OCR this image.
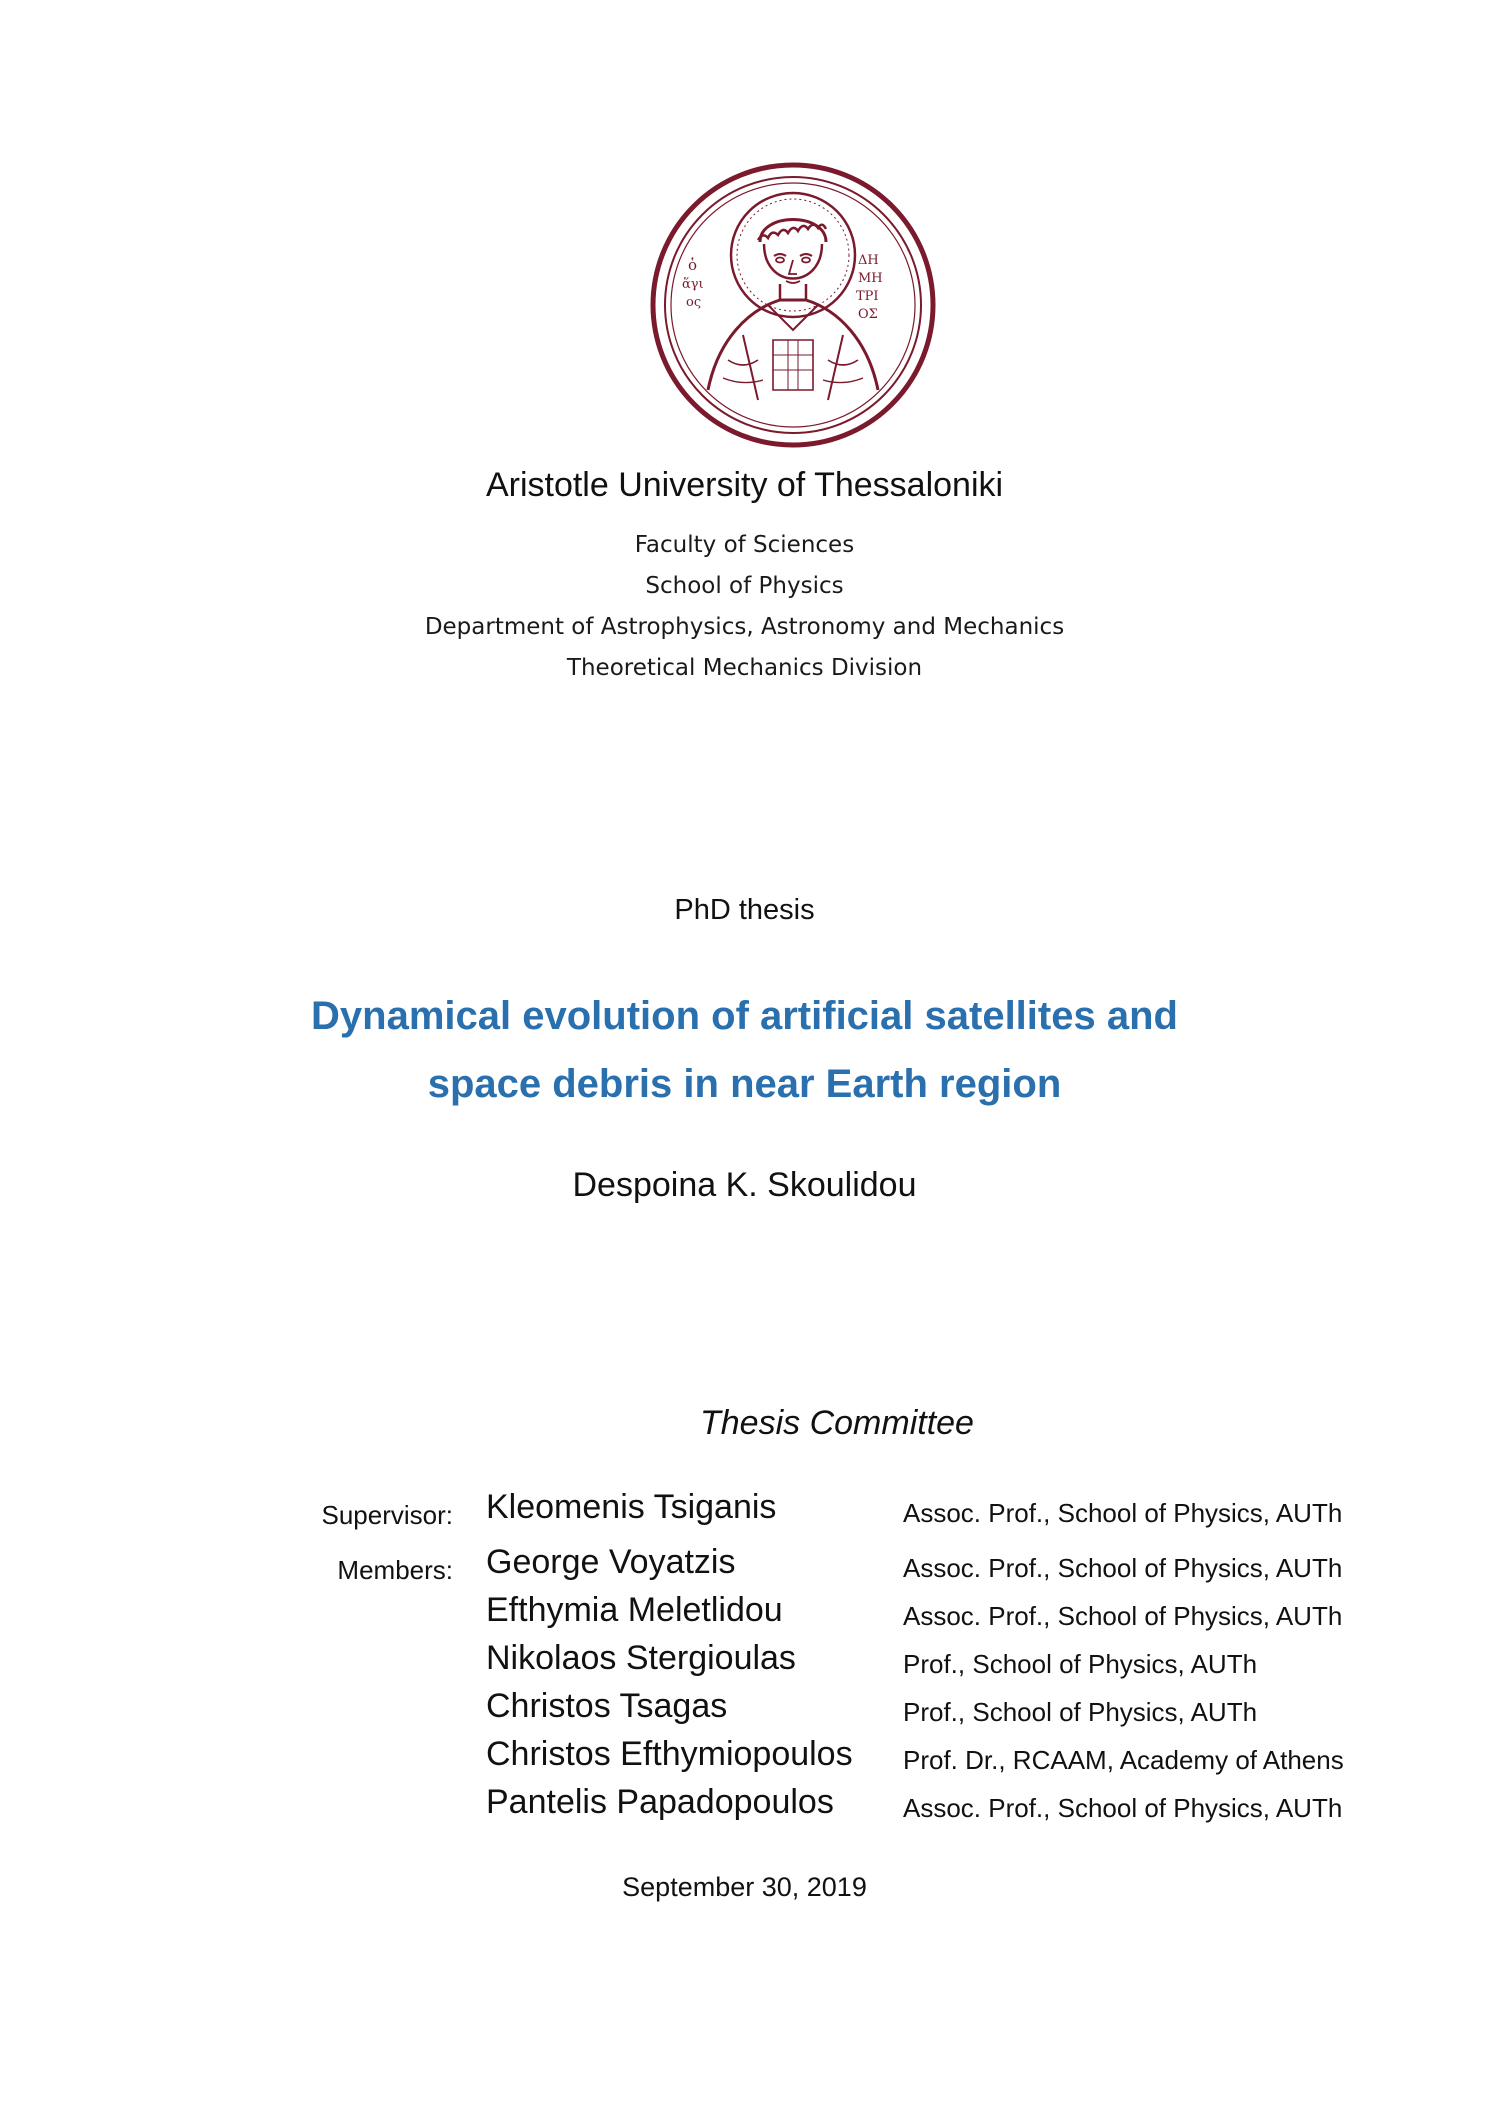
ὁ
ἅγι
ος
ΔΗ
ΜΗ
ΤΡΙ
ΟΣ
Aristotle University of Thessaloniki
Faculty of Sciences
School of Physics
Department of Astrophysics, Astronomy and Mechanics
Theoretical Mechanics Division
PhD thesis
Dynamical evolution of artificial satellites and
space debris in near Earth region
Despoina K. Skoulidou
Thesis Committee
Supervisor: Kleomenis Tsiganis	Assoc. Prof., School of Physics, AUTh
Members: George Voyatzis	Assoc. Prof., School of Physics, AUTh
Efthymia Meletlidou	Assoc. Prof., School of Physics, AUTh
Nikolaos Stergioulas	Prof., School of Physics, AUTh
Christos Tsagas	Prof., School of Physics, AUTh
Christos Efthymiopoulos Prof. Dr., RCAAM, Academy of Athens
Pantelis Papadopoulos	Assoc. Prof., School of Physics, AUTh
September 30, 2019
